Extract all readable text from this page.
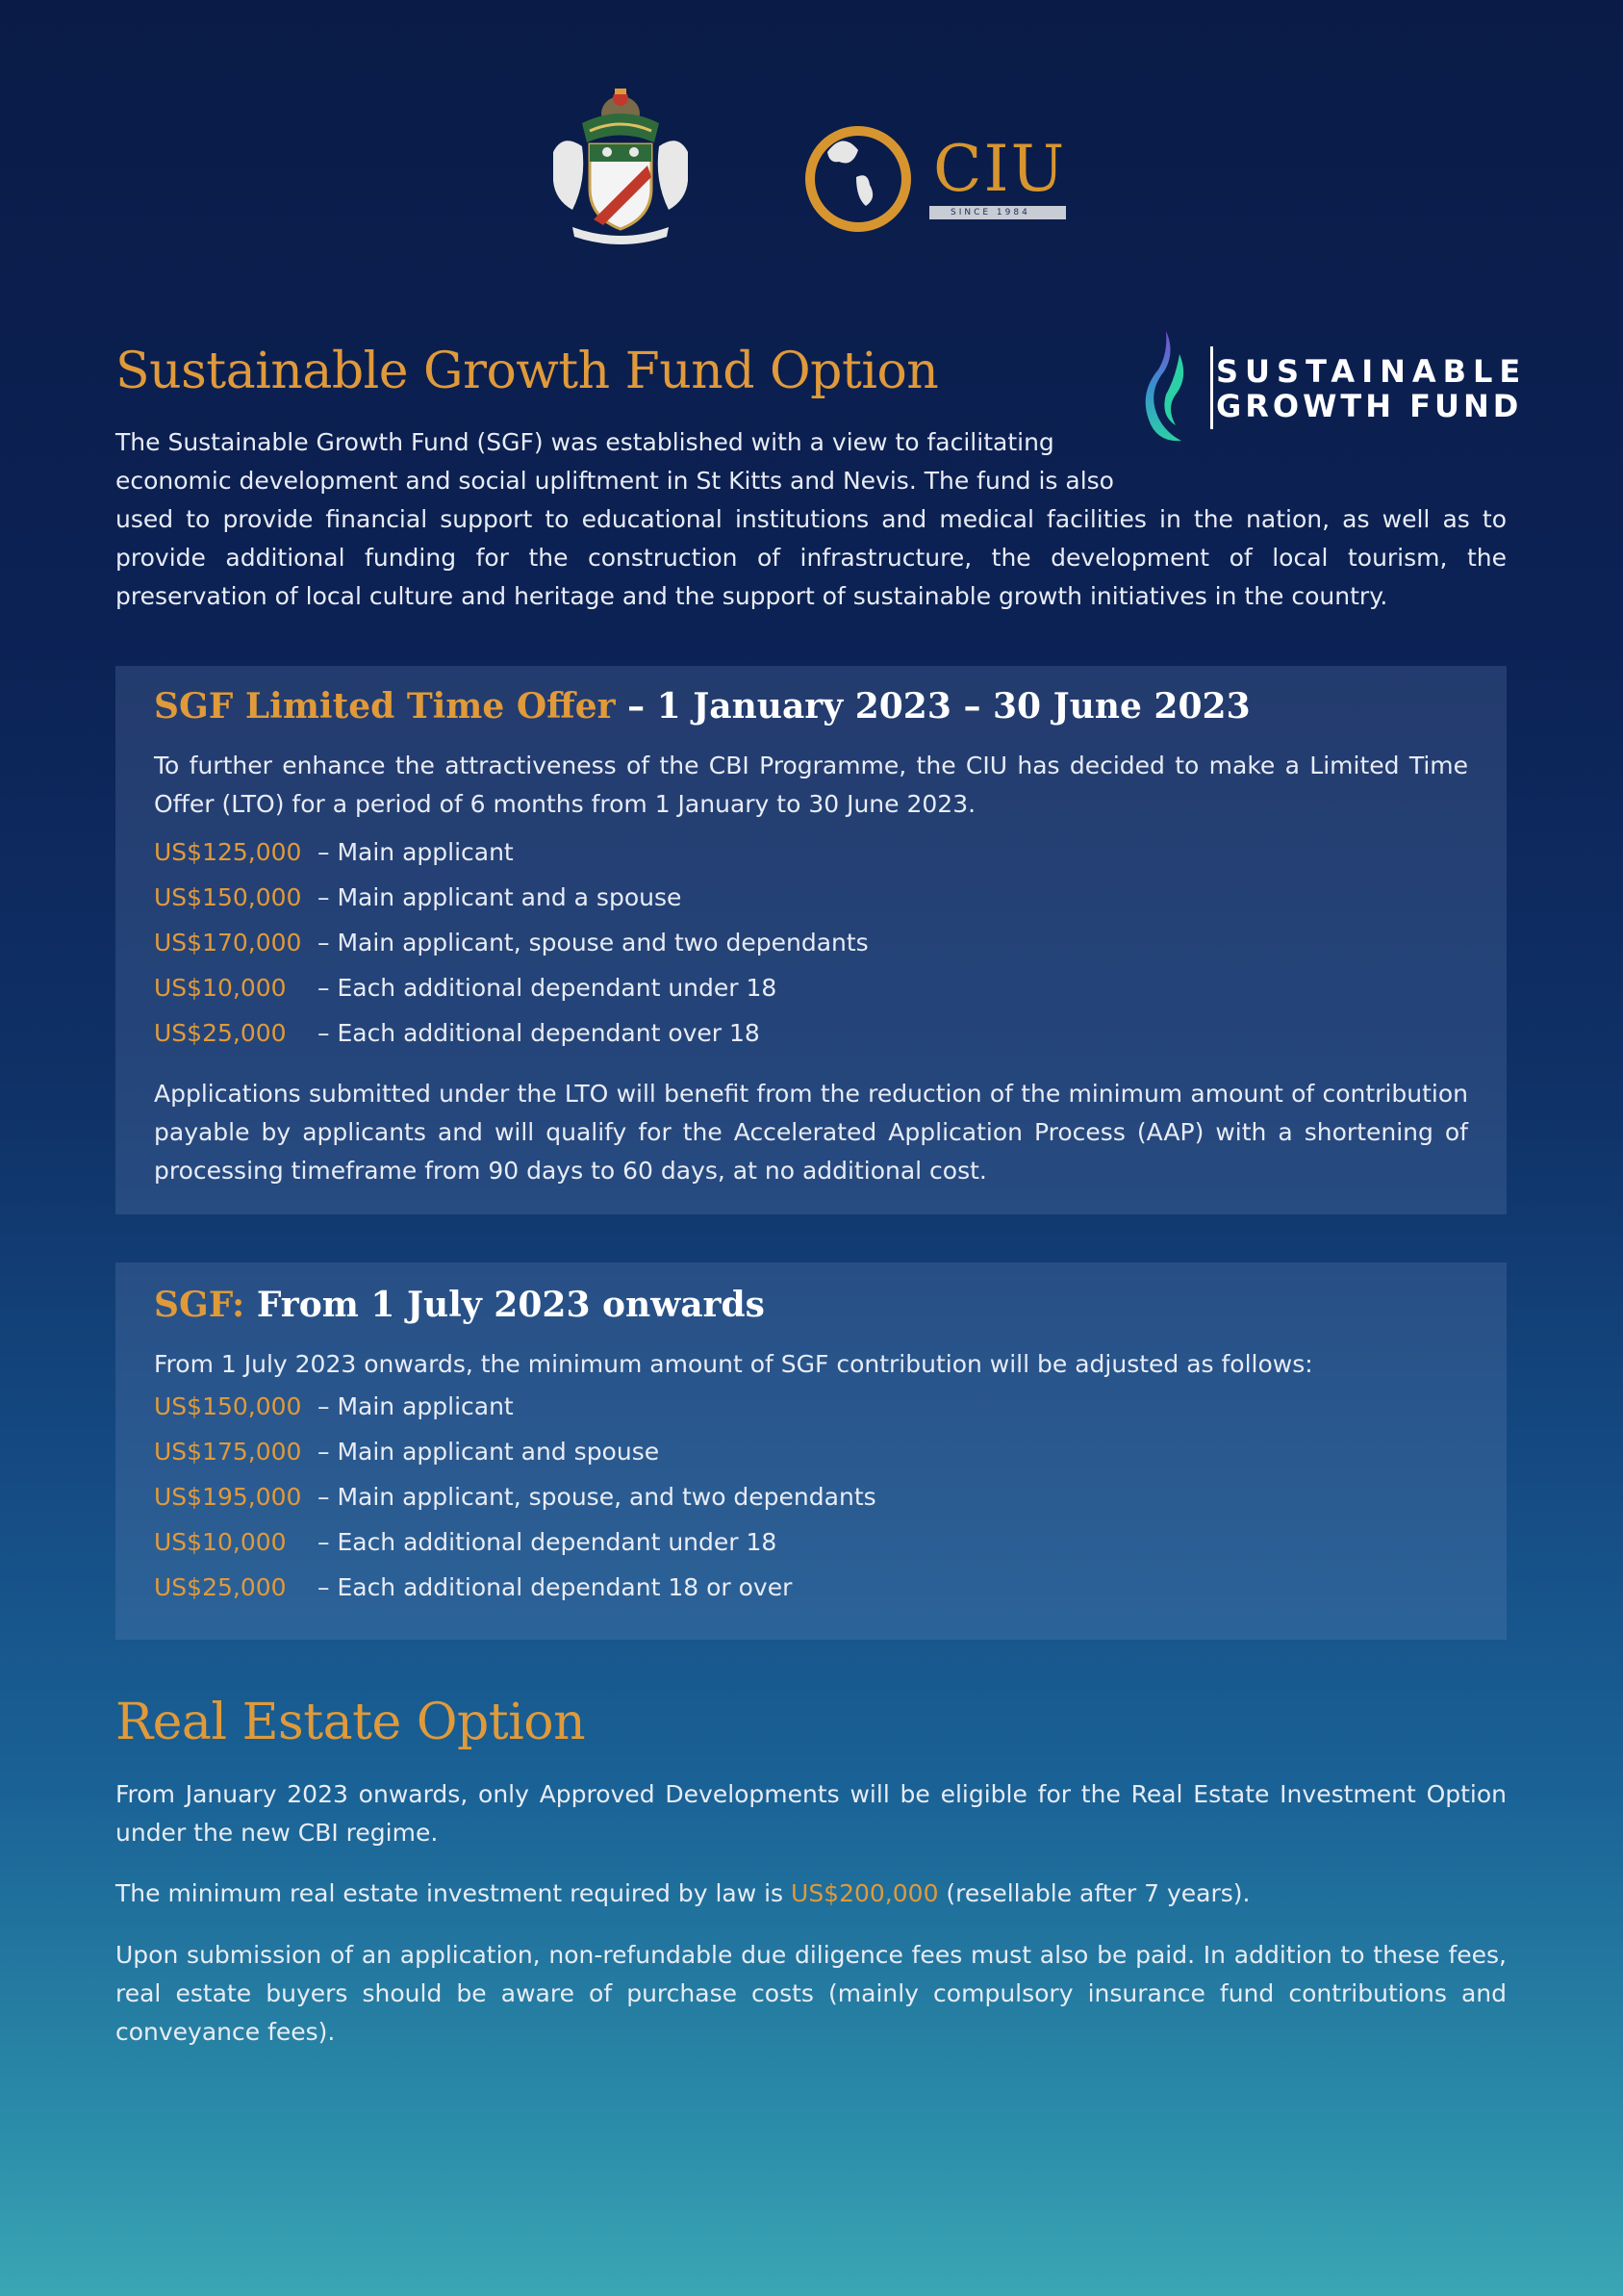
CIU
SINCE 1984
SUSTAINABLE
GROWTH FUND
Sustainable Growth Fund Option

The Sustainable Growth Fund (SGF) was established with a view to facilitating

economic development and social upliftment in St Kitts and Nevis. The fund is also

used to provide financial support to educational institutions and medical facilities in the nation, as well as to provide additional funding for the construction of infrastructure, the development of local tourism, the preservation of local culture and heritage and the support of sustainable growth initiatives in the country.

SGF Limited Time Offer – 1 January 2023 – 30 June 2023

To further enhance the attractiveness of the CBI Programme, the CIU has decided to make a Limited Time Offer (LTO) for a period of 6 months from 1 January to 30 June 2023.

US$125,000 – Main applicant
US$150,000 – Main applicant and a spouse
US$170,000 – Main applicant, spouse and two dependants
US$10,000	– Each additional dependant under 18
US$25,000	– Each additional dependant over 18

Applications submitted under the LTO will benefit from the reduction of the minimum amount of contribution payable by applicants and will qualify for the Accelerated Application Process (AAP) with a shortening of processing timeframe from 90 days to 60 days, at no additional cost.

SGF: From 1 July 2023 onwards

From 1 July 2023 onwards, the minimum amount of SGF contribution will be adjusted as follows:

US$150,000 – Main applicant
US$175,000 – Main applicant and spouse
US$195,000 – Main applicant, spouse, and two dependants
US$10,000	– Each additional dependant under 18
US$25,000	– Each additional dependant 18 or over
Real Estate Option

From January 2023 onwards, only Approved Developments will be eligible for the Real Estate Investment Option under the new CBI regime.

The minimum real estate investment required by law is US$200,000 (resellable after 7 years).

Upon submission of an application, non-refundable due diligence fees must also be paid. In addition to these fees, real estate buyers should be aware of purchase costs (mainly compulsory insurance fund contributions and conveyance fees).
